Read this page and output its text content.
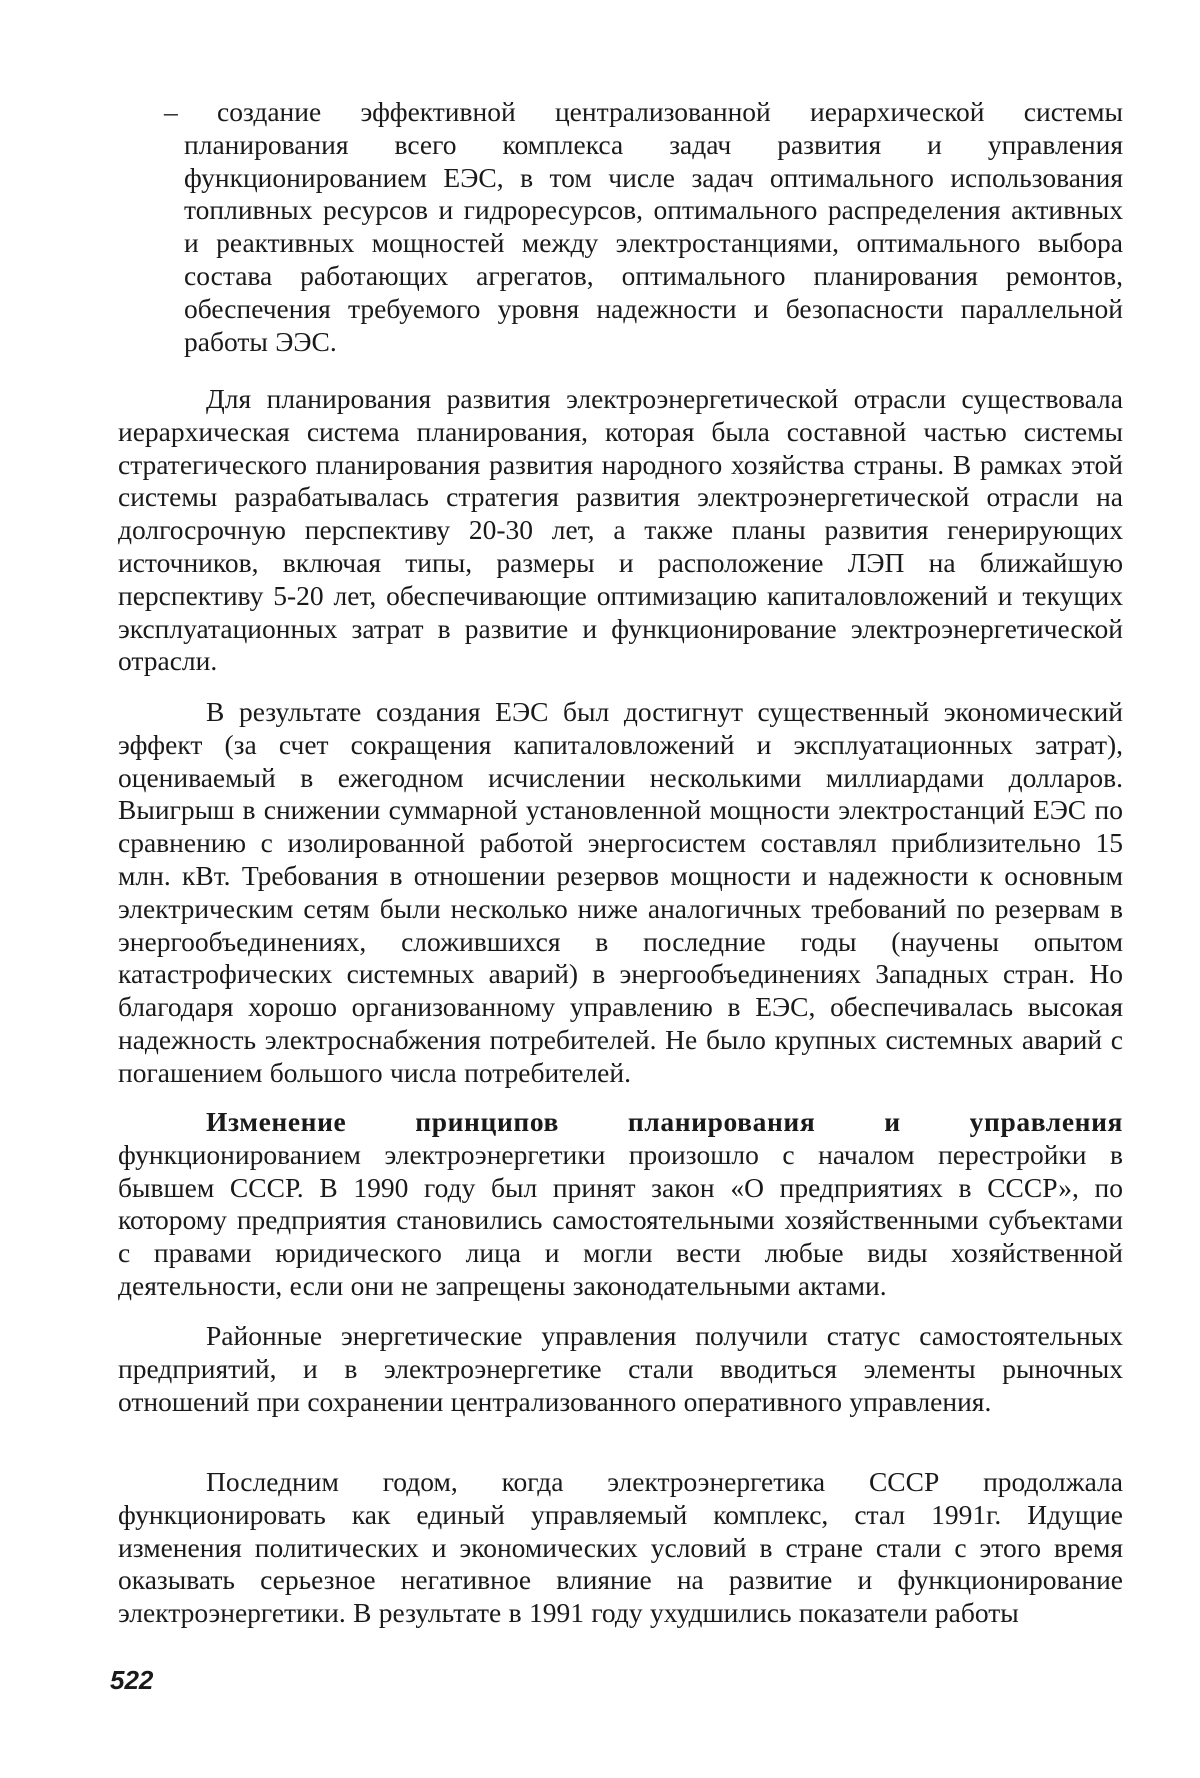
– создание эффективной централизованной иерархической системы планирования всего комплекса задач развития и управления функционированием ЕЭС, в том числе задач оптимального использования топливных ресурсов и гидроресурсов, оптимального распределения активных и реактивных мощностей между электростанциями, оптимального выбора состава работающих агрегатов, оптимального планирования ремонтов, обеспечения требуемого уровня надежности и безопасности параллельной работы ЭЭС.
Для планирования развития электроэнергетической отрасли существовала иерархическая система планирования, которая была составной частью системы стратегического планирования развития народного хозяйства страны. В рамках этой системы разрабатывалась стратегия развития электроэнергетической отрасли на долгосрочную перспективу 20-30 лет, а также планы развития генерирующих источников, включая типы, размеры и расположение ЛЭП на ближайшую перспективу 5-20 лет, обеспечивающие оптимизацию капиталовложений и текущих эксплуатационных затрат в развитие и функционирование электроэнергетической отрасли.
В результате создания ЕЭС был достигнут существенный экономический эффект (за счет сокращения капиталовложений и эксплуатационных затрат), оцениваемый в ежегодном исчислении несколькими миллиардами долларов. Выигрыш в снижении суммарной установленной мощности электростанций ЕЭС по сравнению с изолированной работой энергосистем составлял приблизительно 15 млн. кВт. Требования в отношении резервов мощности и надежности к основным электрическим сетям были несколько ниже аналогичных требований по резервам в энергообъединениях, сложившихся в последние годы (научены опытом катастрофических системных аварий) в энергообъединениях Западных стран. Но благодаря хорошо организованному управлению в ЕЭС, обеспечивалась высокая надежность электроснабжения потребителей. Не было крупных системных аварий с погашением большого числа потребителей.
Изменение принципов планирования и управления функционированием электроэнергетики произошло с началом перестройки в бывшем СССР. В 1990 году был принят закон «О предприятиях в СССР», по которому предприятия становились самостоятельными хозяйственными субъектами с правами юридического лица и могли вести любые виды хозяйственной деятельности, если они не запрещены законодательными актами.
Районные энергетические управления получили статус самостоятельных предприятий, и в электроэнергетике стали вводиться элементы рыночных отношений при сохранении централизованного оперативного управления.
Последним годом, когда электроэнергетика СССР продолжала функционировать как единый управляемый комплекс, стал 1991г. Идущие изменения политических и экономических условий в стране стали с этого время оказывать серьезное негативное влияние на развитие и функционирование электроэнергетики. В результате в 1991 году ухудшились показатели работы
522
